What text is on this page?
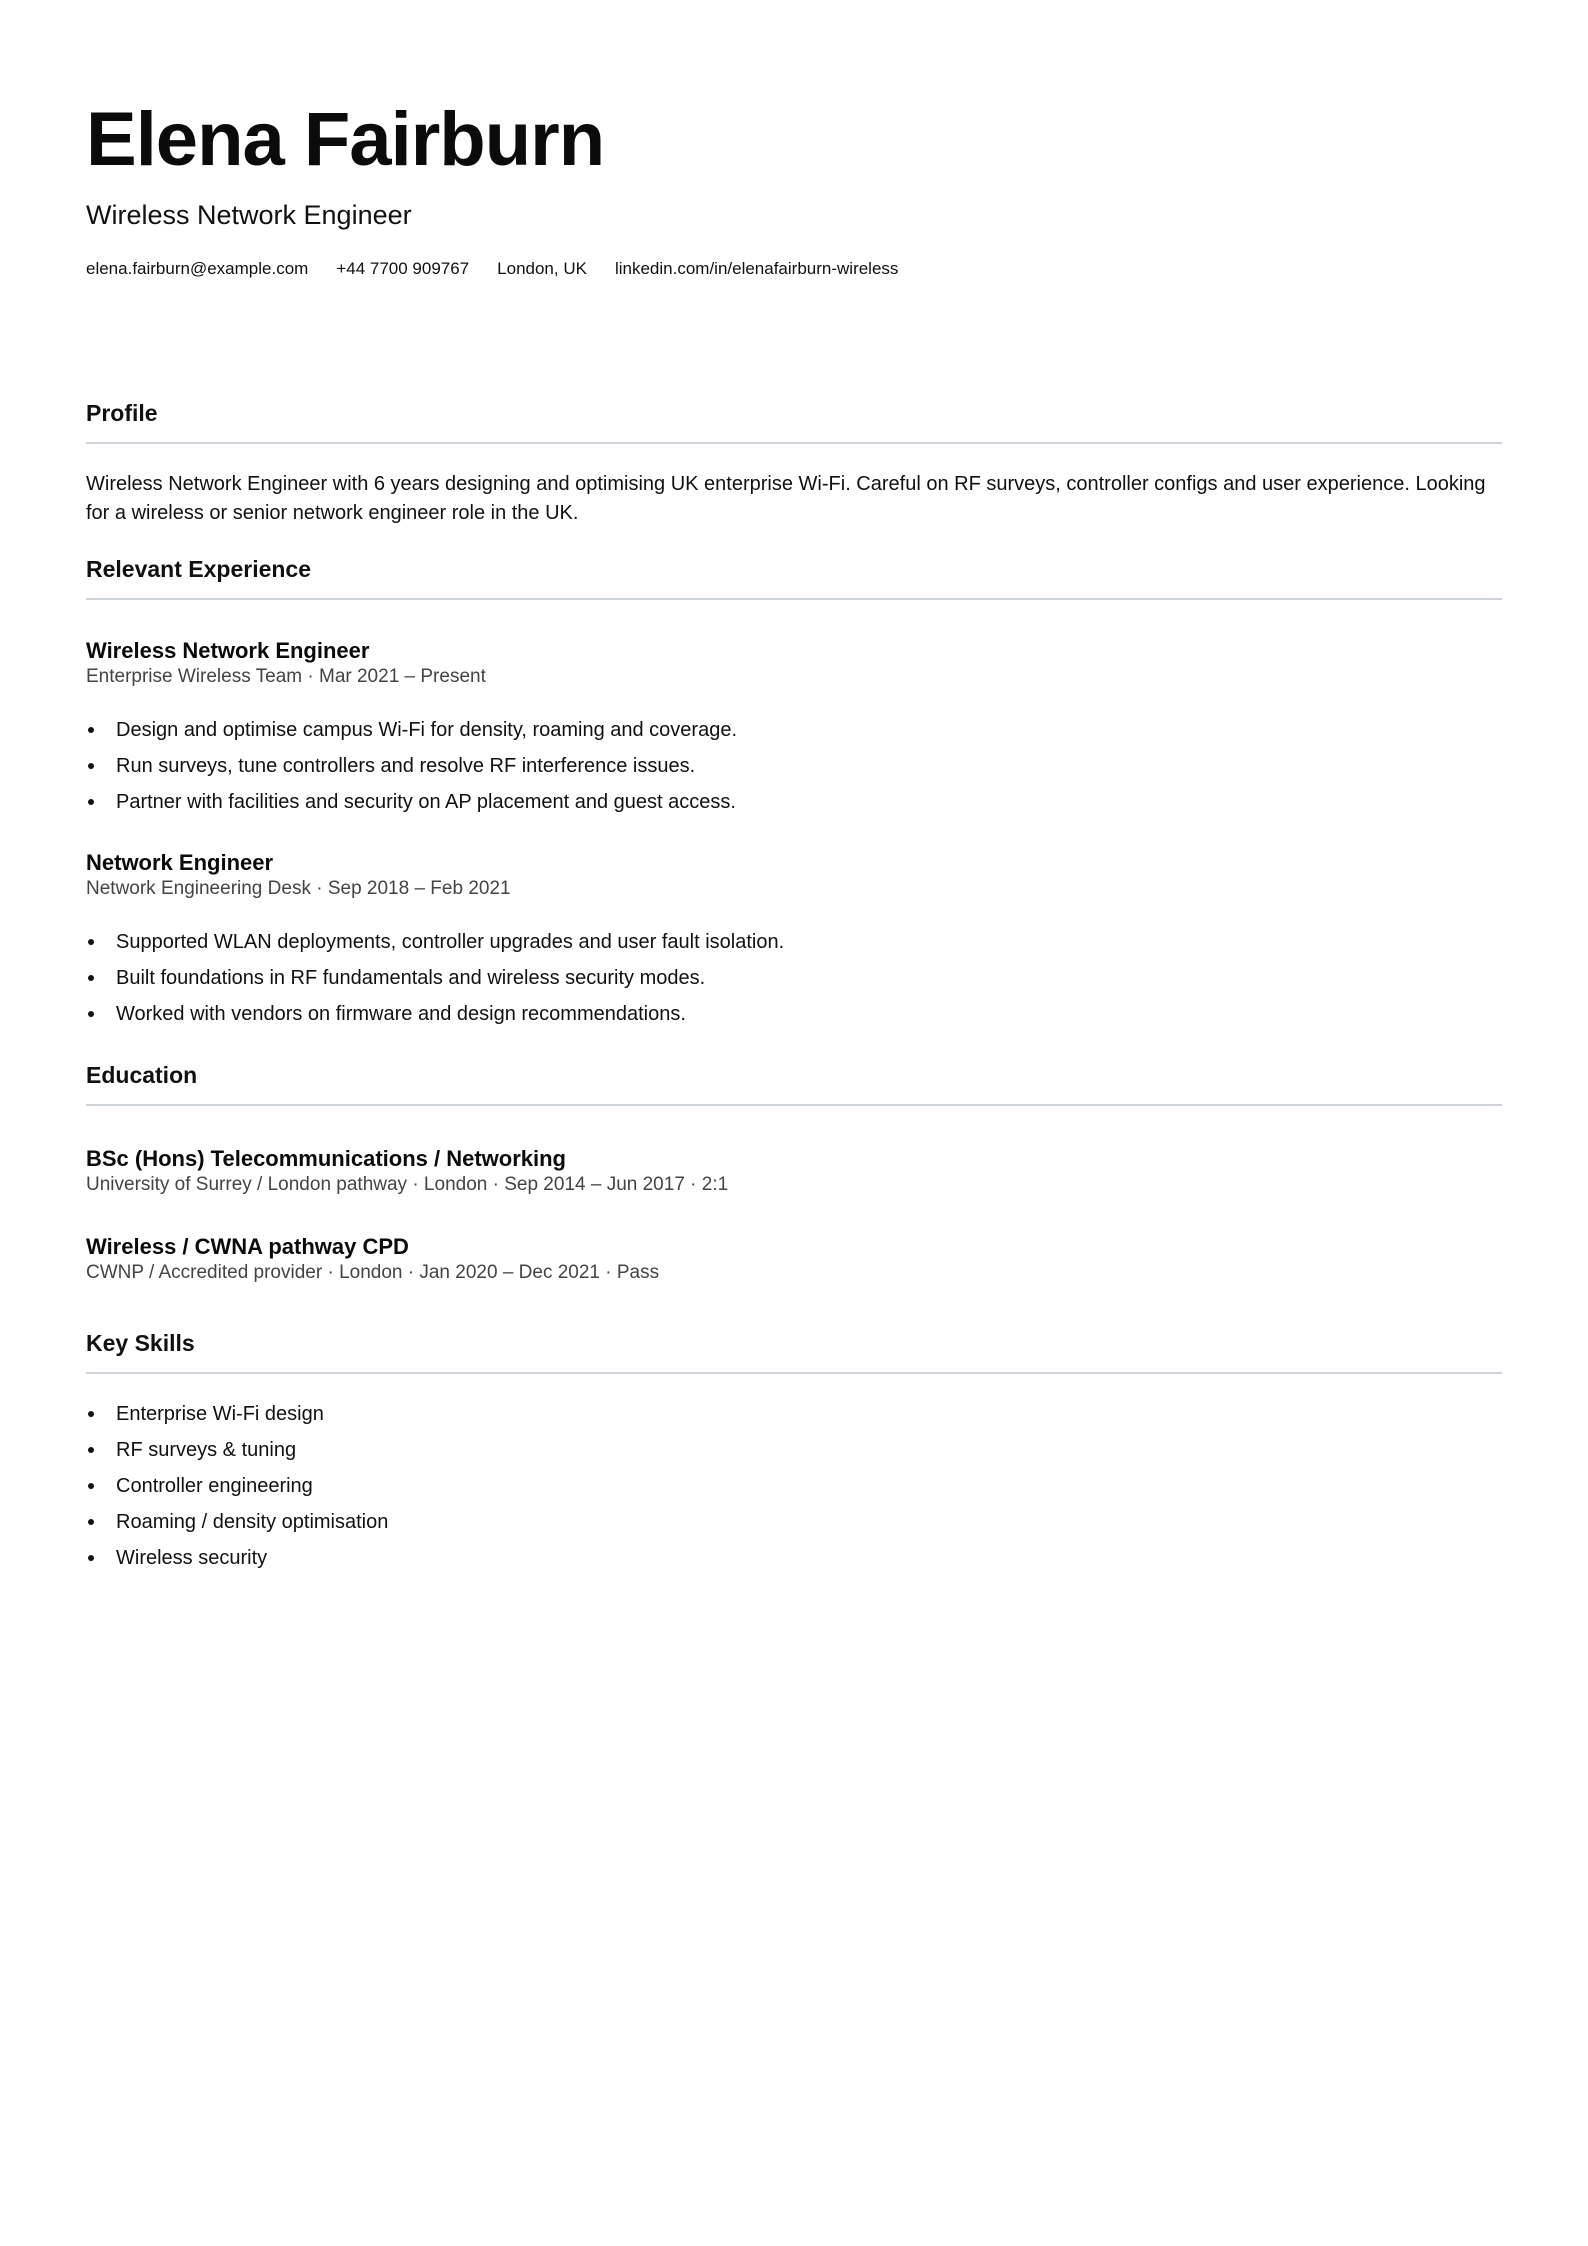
Elena Fairburn
Wireless Network Engineer
elena.fairburn@example.com +44 7700 909767 London, UK linkedin.com/in/elenafairburn-wireless
Profile
Wireless Network Engineer with 6 years designing and optimising UK enterprise Wi-Fi. Careful on RF surveys, controller configs and user experience. Looking for a wireless or senior network engineer role in the UK.
Relevant Experience
Wireless Network Engineer
Enterprise Wireless Team · Mar 2021 – Present
Design and optimise campus Wi-Fi for density, roaming and coverage.
Run surveys, tune controllers and resolve RF interference issues.
Partner with facilities and security on AP placement and guest access.
Network Engineer
Network Engineering Desk · Sep 2018 – Feb 2021
Supported WLAN deployments, controller upgrades and user fault isolation.
Built foundations in RF fundamentals and wireless security modes.
Worked with vendors on firmware and design recommendations.
Education
BSc (Hons) Telecommunications / Networking
University of Surrey / London pathway · London · Sep 2014 – Jun 2017 · 2:1
Wireless / CWNA pathway CPD
CWNP / Accredited provider · London · Jan 2020 – Dec 2021 · Pass
Key Skills
Enterprise Wi-Fi design
RF surveys & tuning
Controller engineering
Roaming / density optimisation
Wireless security
